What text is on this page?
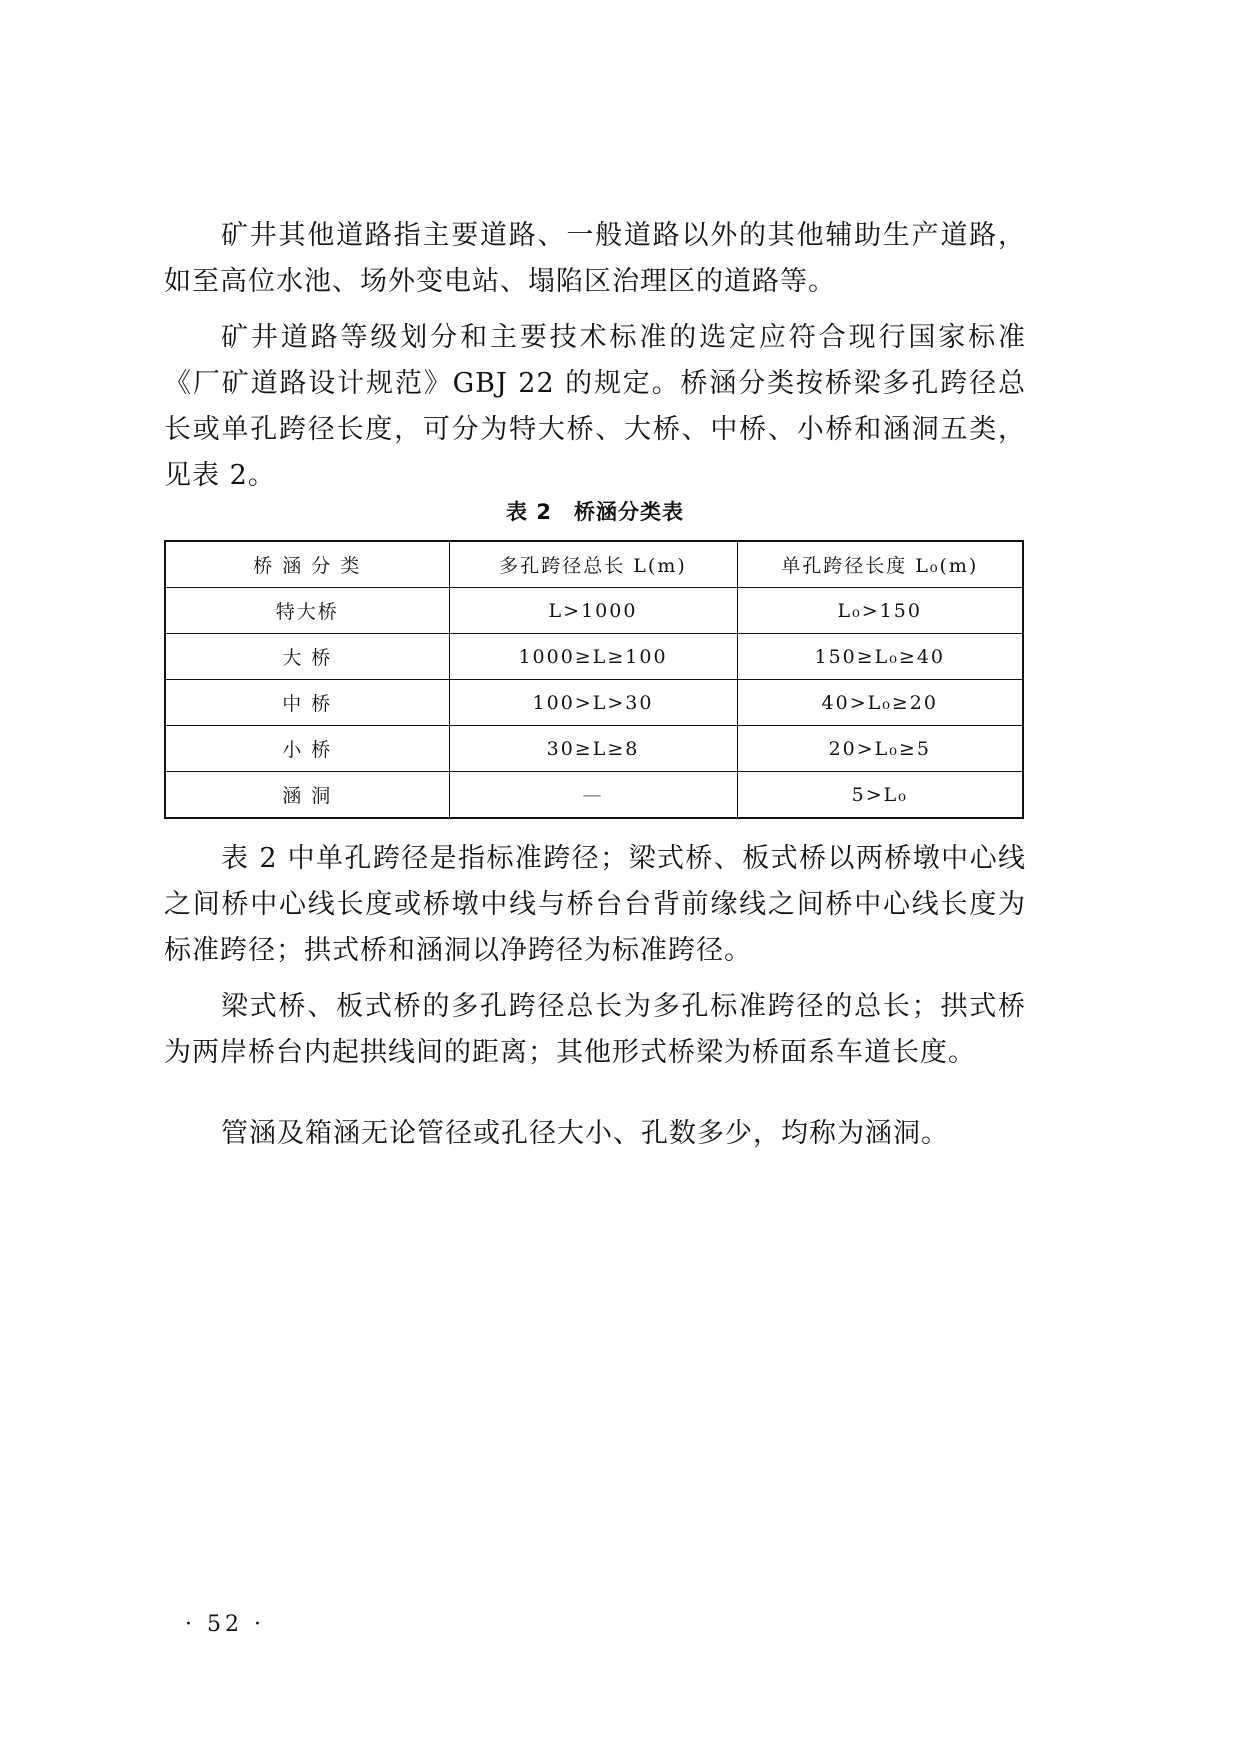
矿井其他道路指主要道路、一般道路以外的其他辅助生产道路，如至高位水池、场外变电站、塌陷区治理区的道路等。

矿井道路等级划分和主要技术标准的选定应符合现行国家标准《厂矿道路设计规范》GBJ 22 的规定。桥涵分类按桥梁多孔跨径总长或单孔跨径长度，可分为特大桥、大桥、中桥、小桥和涵洞五类，见表 2。

表 2 桥涵分类表
桥 涵 分 类	多孔跨径总长 L(m)	单孔跨径长度 L₀(m)
特大桥	L>1000	L₀>150
大 桥	1000≥L≥100	150≥L₀≥40
中 桥	100>L>30	40>L₀≥20
小 桥	30≥L≥8	20>L₀≥5
涵 洞	—	5>L₀

表 2 中单孔跨径是指标准跨径；梁式桥、板式桥以两桥墩中心线之间桥中心线长度或桥墩中线与桥台台背前缘线之间桥中心线长度为标准跨径；拱式桥和涵洞以净跨径为标准跨径。

梁式桥、板式桥的多孔跨径总长为多孔标准跨径的总长；拱式桥为两岸桥台内起拱线间的距离；其他形式桥梁为桥面系车道长度。

管涵及箱涵无论管径或孔径大小、孔数多少，均称为涵洞。

· 52 ·
